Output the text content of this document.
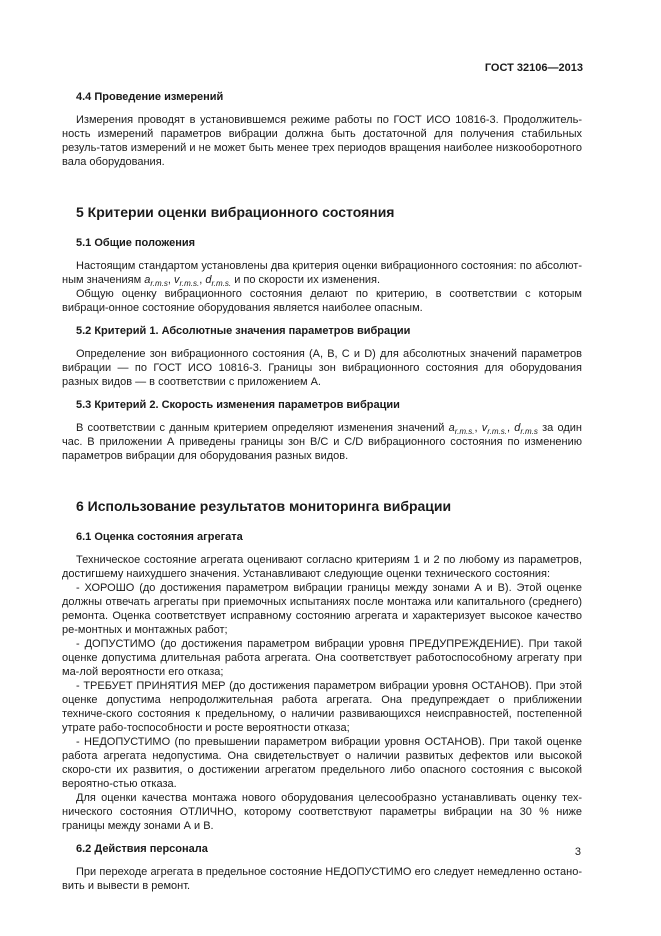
ГОСТ 32106—2013
4.4 Проведение измерений

Измерения проводят в установившемся режиме работы по ГОСТ ИСО 10816-3. Продолжитель-ность измерений параметров вибрации должна быть достаточной для получения стабильных резуль-татов измерений и не может быть менее трех периодов вращения наиболее низкооборотного вала оборудования.

5 Критерии оценки вибрационного состояния
5.1 Общие положения

Настоящим стандартом установлены два критерия оценки вибрационного состояния: по абсолют-ным значениям $a_{r.m.s}$, $v_{r.m.s.}$, $d_{r.m.s.}$ и по скорости их изменения.

Общую оценку вибрационного состояния делают по критерию, в соответствии с которым вибраци-онное состояние оборудования является наиболее опасным.

5.2 Критерий 1. Абсолютные значения параметров вибрации

Определение зон вибрационного состояния (А, В, С и D) для абсолютных значений параметров вибрации — по ГОСТ ИСО 10816-3. Границы зон вибрационного состояния для оборудования разных видов — в соответствии с приложением А.

5.3 Критерий 2. Скорость изменения параметров вибрации

В соответствии с данным критерием определяют изменения значений $a_{r.m.s.}$, $v_{r.m.s.}$, $d_{r.m.s}$ за один час. В приложении А приведены границы зон В/С и C/D вибрационного состояния по изменению параметров вибрации для оборудования разных видов.

6 Использование результатов мониторинга вибрации
6.1 Оценка состояния агрегата

Техническое состояние агрегата оценивают согласно критериям 1 и 2 по любому из параметров, достигшему наихудшего значения. Устанавливают следующие оценки технического состояния:

- ХОРОШО (до достижения параметром вибрации границы между зонами А и В). Этой оценке должны отвечать агрегаты при приемочных испытаниях после монтажа или капитального (среднего) ремонта. Оценка соответствует исправному состоянию агрегата и характеризует высокое качество ре-монтных и монтажных работ;

- ДОПУСТИМО (до достижения параметром вибрации уровня ПРЕДУПРЕЖДЕНИЕ). При такой оценке допустима длительная работа агрегата. Она соответствует работоспособному агрегату при ма-лой вероятности его отказа;

- ТРЕБУЕТ ПРИНЯТИЯ МЕР (до достижения параметром вибрации уровня ОСТАНОВ). При этой оценке допустима непродолжительная работа агрегата. Она предупреждает о приближении техниче-ского состояния к предельному, о наличии развивающихся неисправностей, постепенной утрате рабо-тоспособности и росте вероятности отказа;

- НЕДОПУСТИМО (по превышении параметром вибрации уровня ОСТАНОВ). При такой оценке работа агрегата недопустима. Она свидетельствует о наличии развитых дефектов или высокой скоро-сти их развития, о достижении агрегатом предельного либо опасного состояния с высокой вероятно-стью отказа.

Для оценки качества монтажа нового оборудования целесообразно устанавливать оценку тех-нического состояния ОТЛИЧНО, которому соответствуют параметры вибрации на 30 % ниже границы между зонами А и В.

6.2 Действия персонала

При переходе агрегата в предельное состояние НЕДОПУСТИМО его следует немедленно остано-вить и вывести в ремонт.

3
